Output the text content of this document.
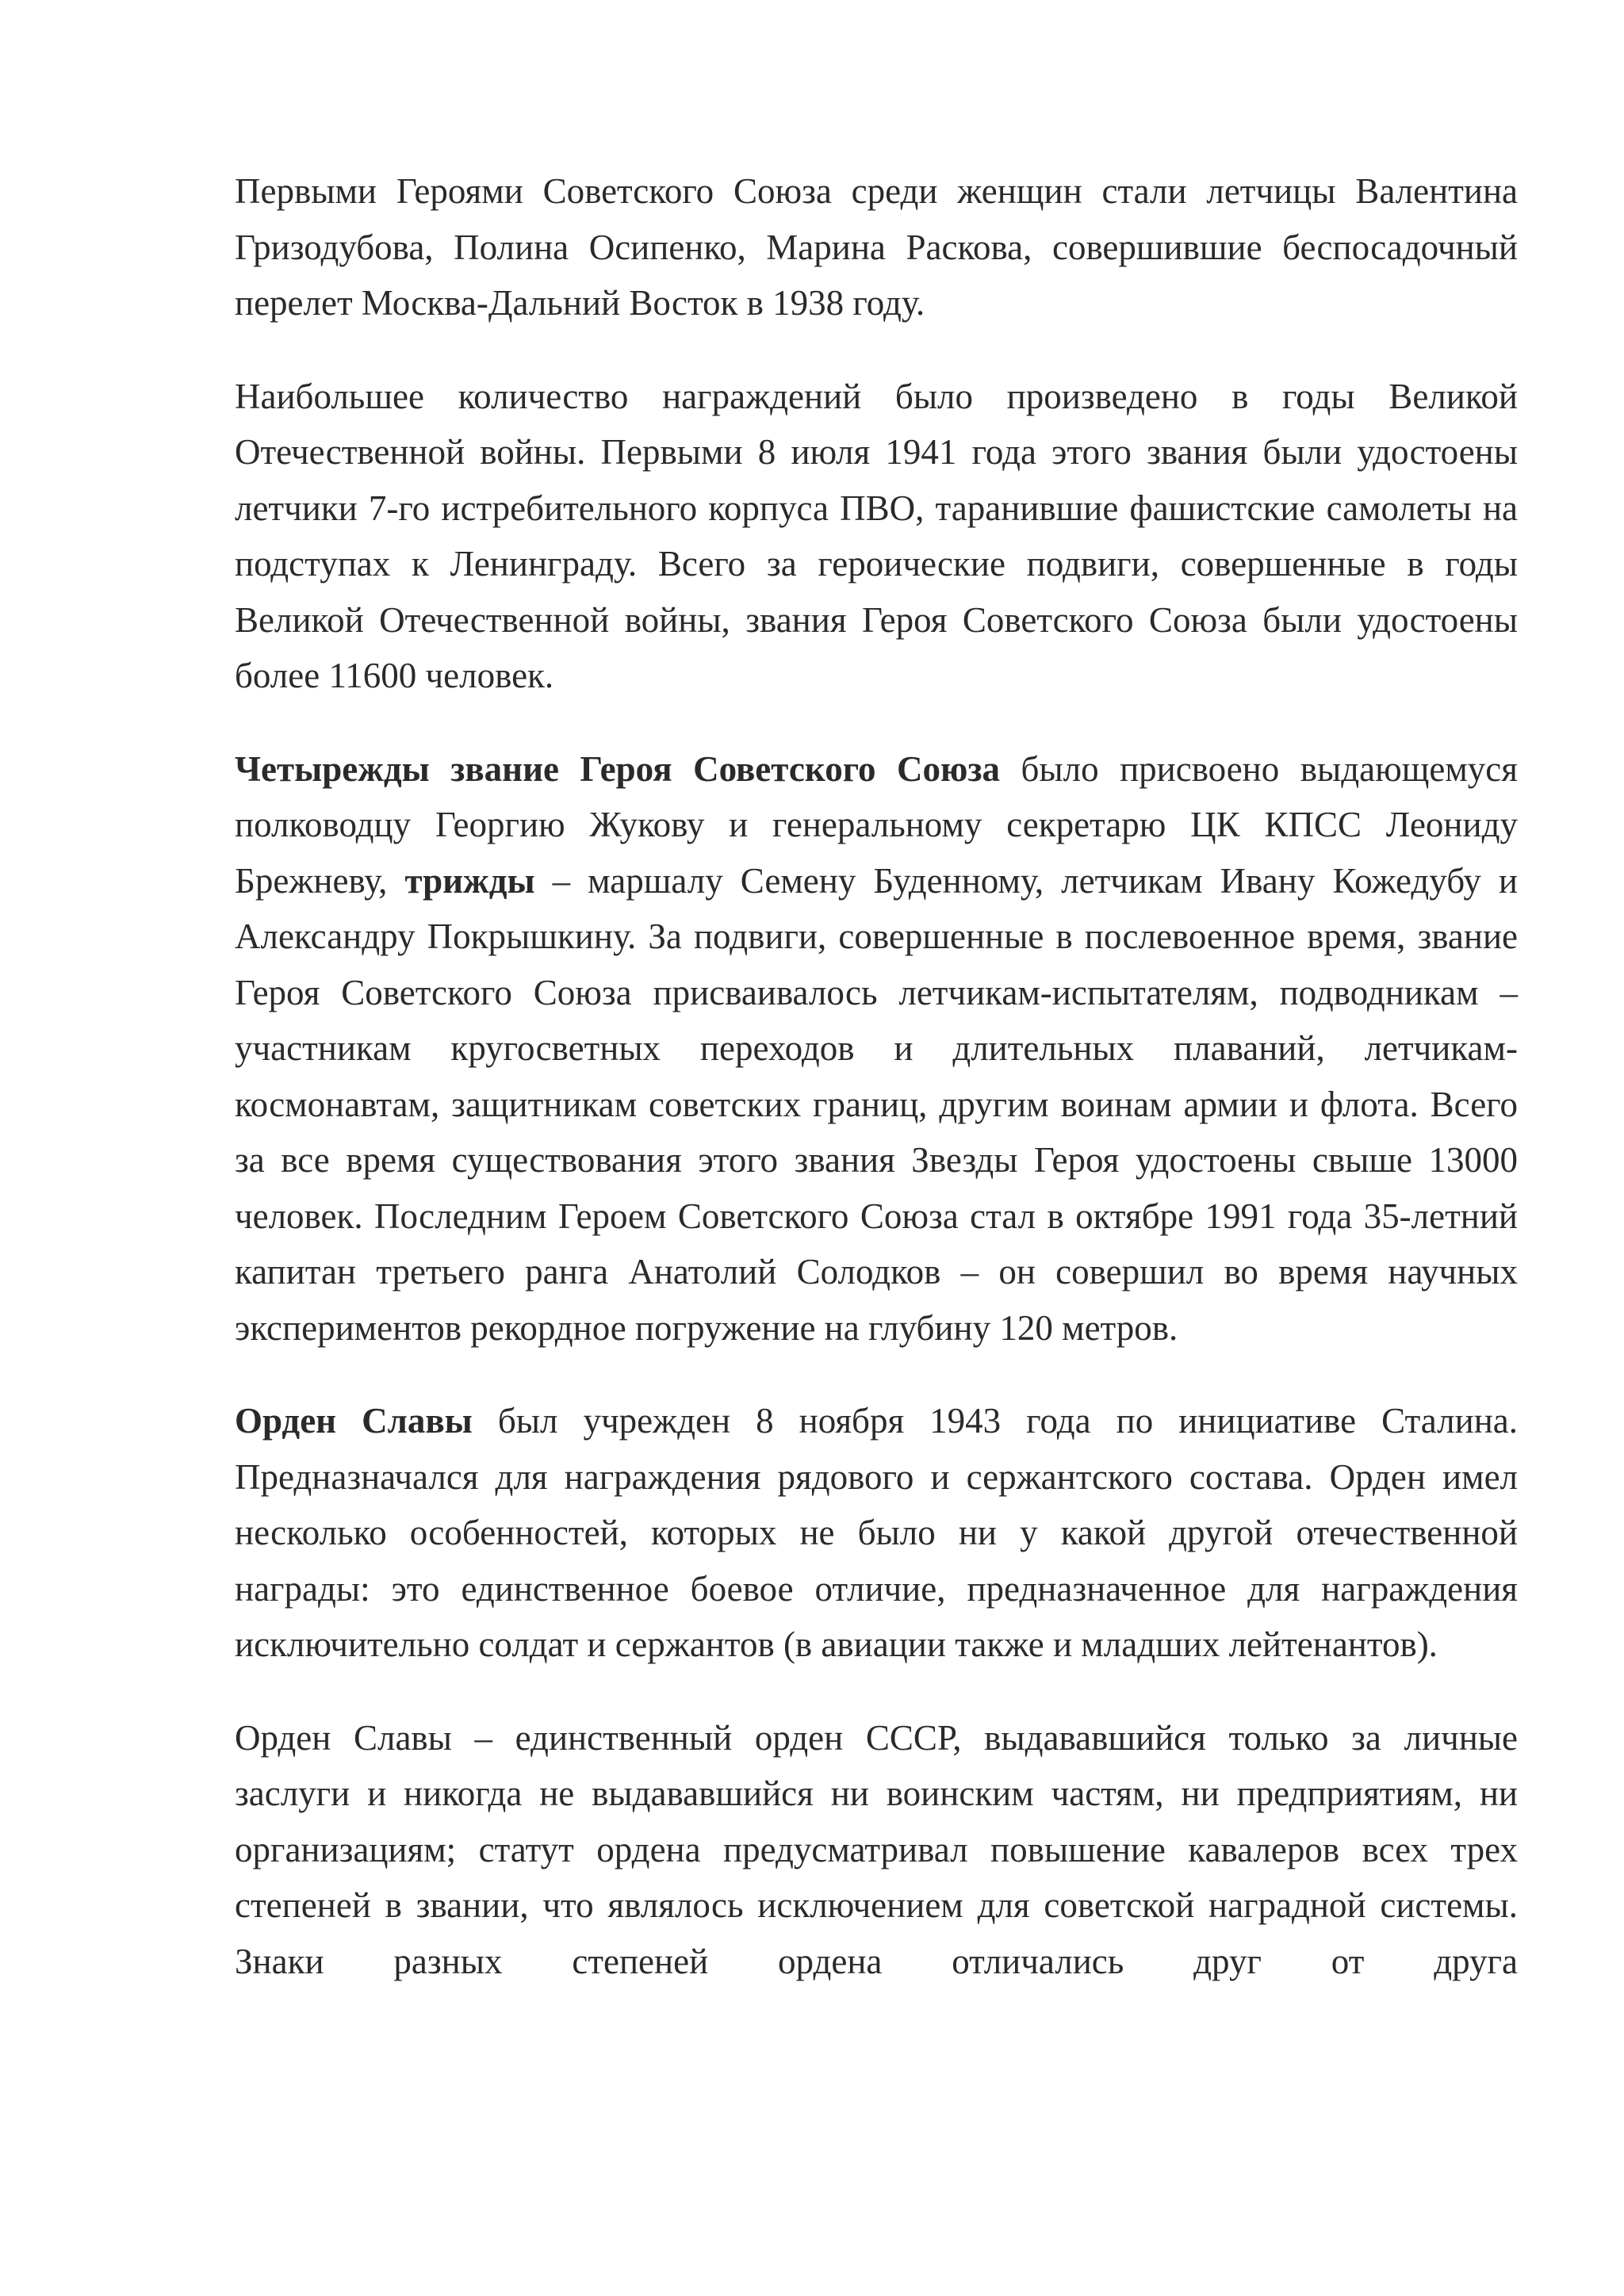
Первыми Героями Советского Союза среди женщин стали летчицы Валентина Гризодубова, Полина Осипенко, Марина Раскова, совершившие беспосадочный перелет Москва-Дальний Восток в 1938 году.

Наибольшее количество награждений было произведено в годы Великой Отечественной войны. Первыми 8 июля 1941 года этого звания были удостоены летчики 7-го истребительного корпуса ПВО, таранившие фашистские самолеты на подступах к Ленинграду. Всего за героические подвиги, совершенные в годы Великой Отечественной войны, звания Героя Советского Союза были удостоены более 11600 человек.

Четырежды звание Героя Советского Союза было присвоено выдающемуся полководцу Георгию Жукову и генеральному секретарю ЦК КПСС Леониду Брежневу, трижды – маршалу Семену Буденному, летчикам Ивану Кожедубу и Александру Покрышкину. За подвиги, совершенные в послевоенное время, звание Героя Советского Союза присваивалось летчикам-испытателям, подводникам – участникам кругосветных переходов и длительных плаваний, летчикам-космонавтам, защитникам советских границ, другим воинам армии и флота. Всего за все время существования этого звания Звезды Героя удостоены свыше 13000 человек. Последним Героем Советского Союза стал в октябре 1991 года 35-летний капитан третьего ранга Анатолий Солодков – он совершил во время научных экспериментов рекордное погружение на глубину 120 метров.

Орден Славы был учрежден 8 ноября 1943 года по инициативе Сталина. Предназначался для награждения рядового и сержантского состава. Орден имел несколько особенностей, которых не было ни у какой другой отечественной награды: это единственное боевое отличие, предназначенное для награждения исключительно солдат и сержантов (в авиации также и младших лейтенантов).

Орден Славы – единственный орден СССР, выдававшийся только за личные заслуги и никогда не выдававшийся ни воинским частям, ни предприятиям, ни организациям; статут ордена предусматривал повышение кавалеров всех трех степеней в звании, что являлось исключением для советской наградной системы. Знаки разных степеней ордена отличались друг от друга
